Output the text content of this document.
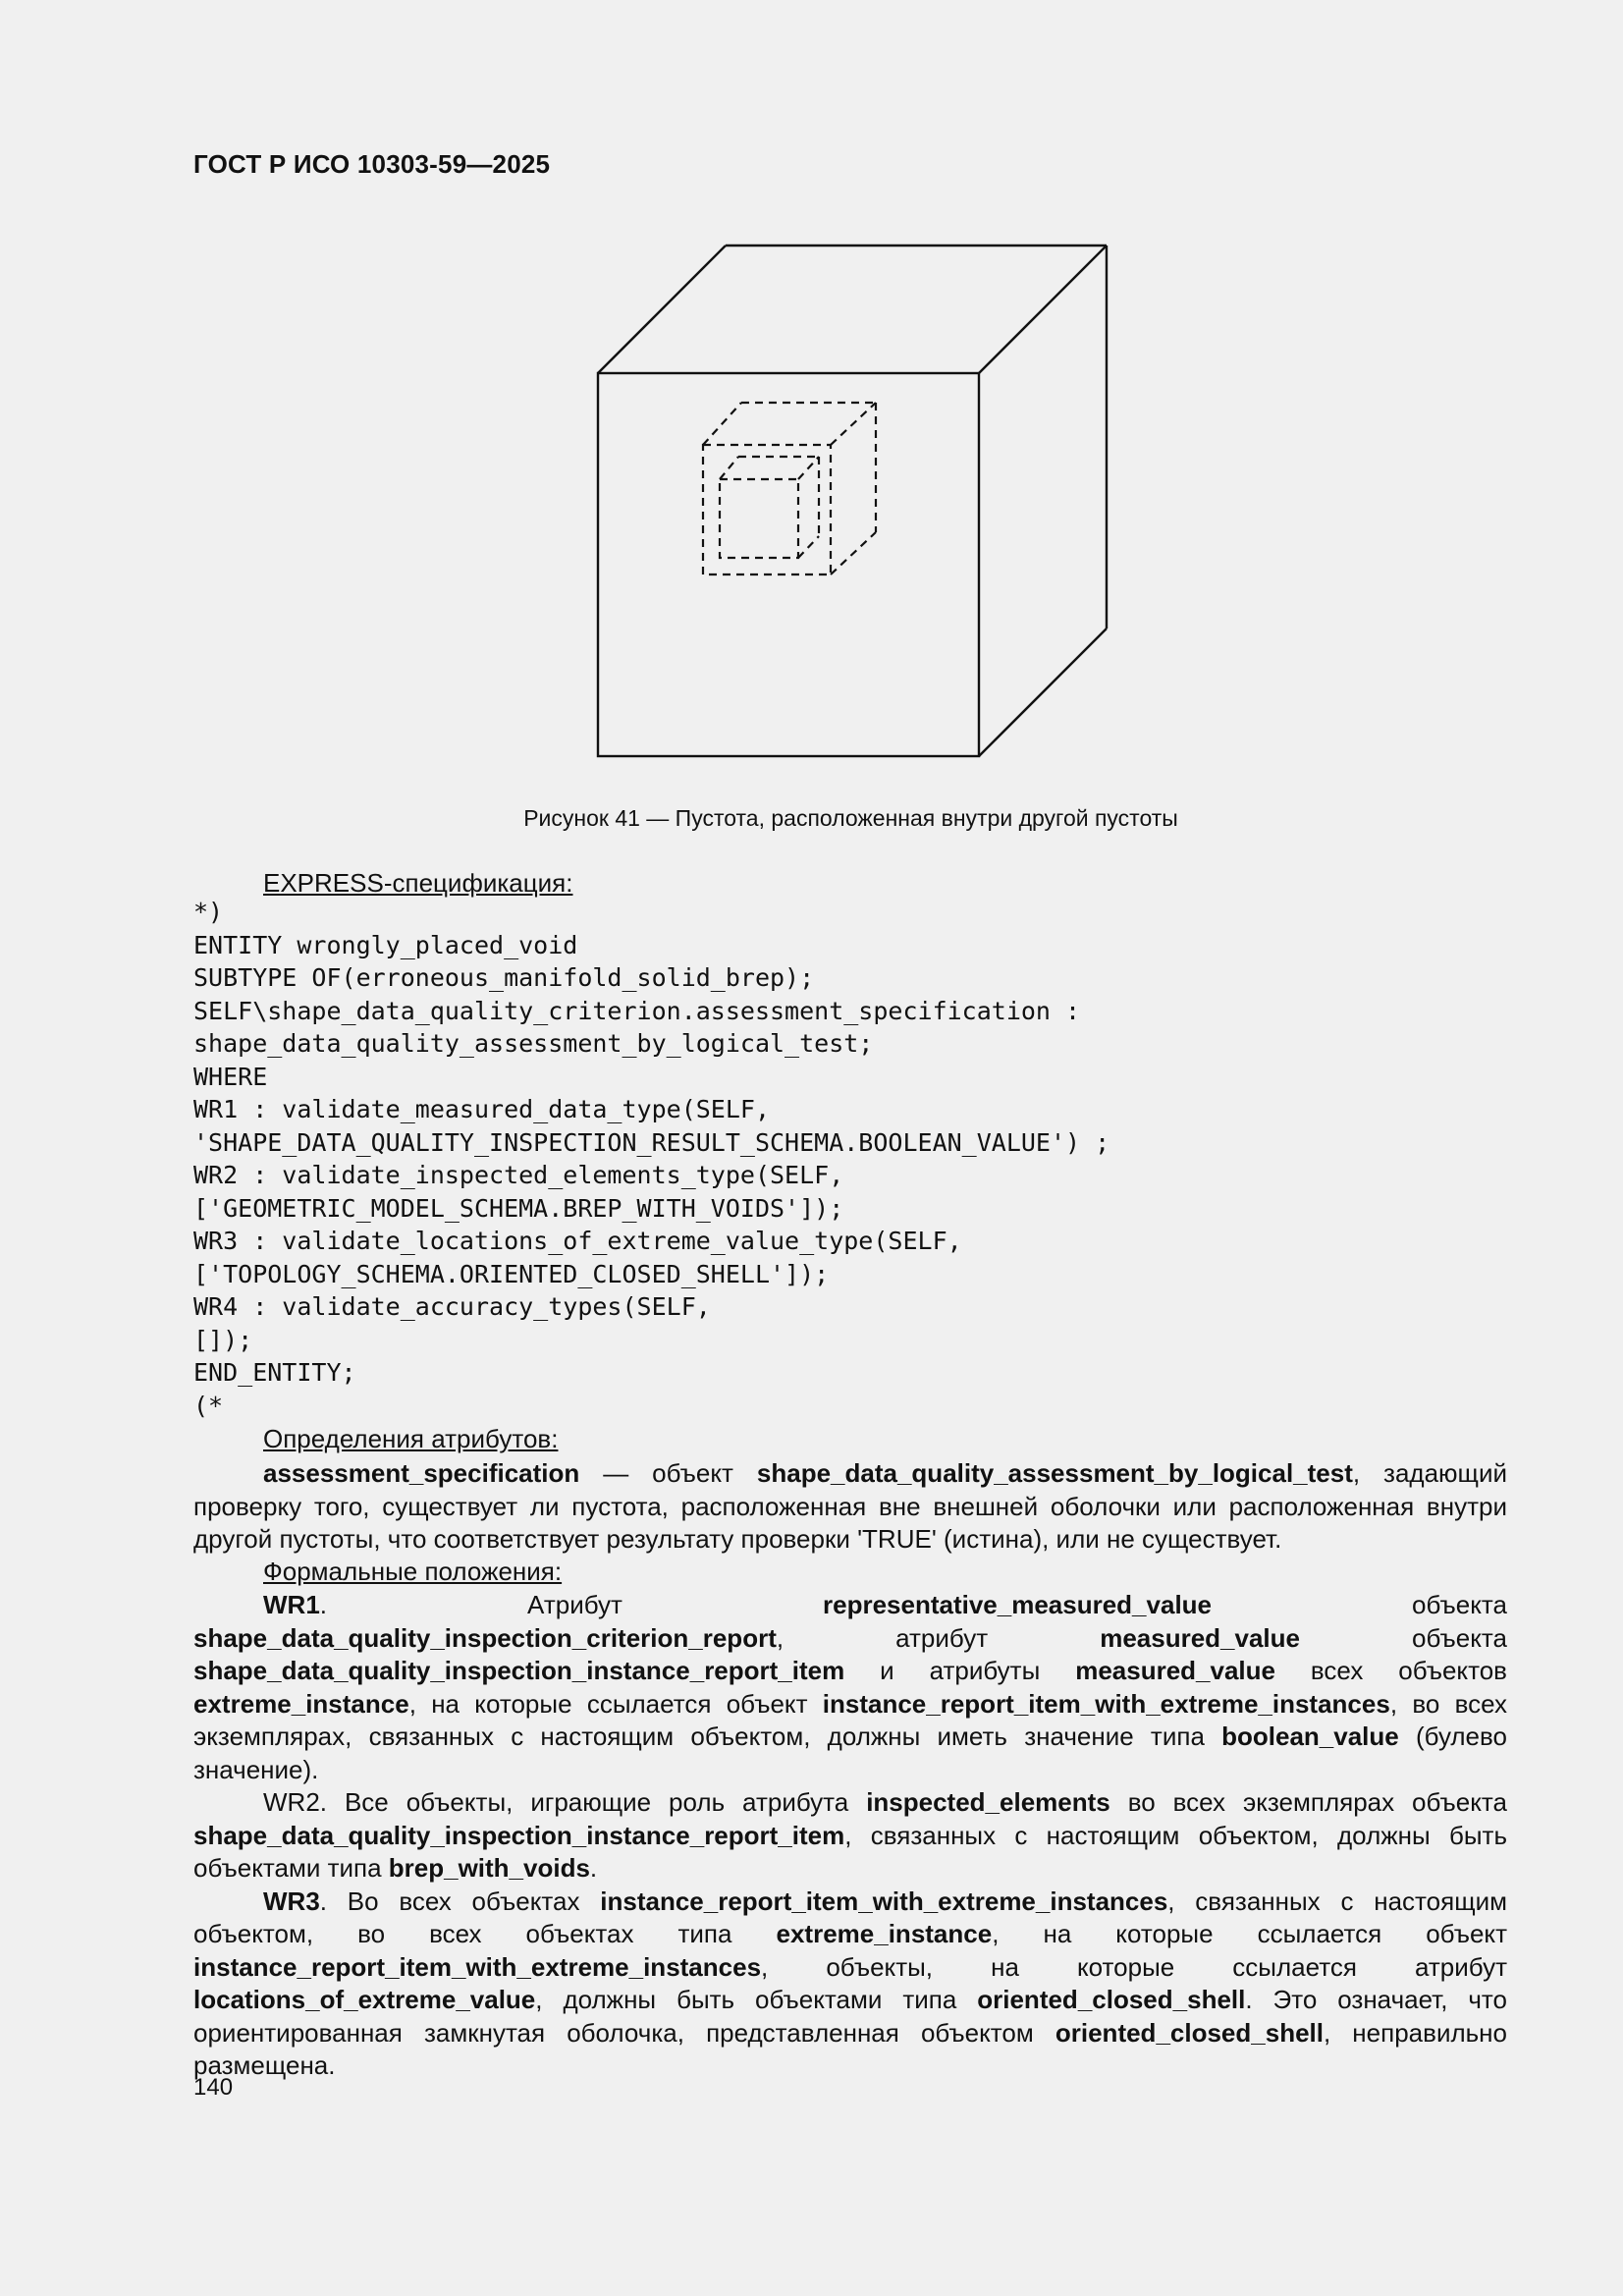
ГОСТ Р ИСО 10303-59—2025
Рисунок 41 — Пустота, расположенная внутри другой пустоты
EXPRESS-спецификация:
*)
ENTITY wrongly_placed_void
SUBTYPE OF(erroneous_manifold_solid_brep);
SELF\shape_data_quality_criterion.assessment_specification :
shape_data_quality_assessment_by_logical_test;
WHERE
WR1 : validate_measured_data_type(SELF,
'SHAPE_DATA_QUALITY_INSPECTION_RESULT_SCHEMA.BOOLEAN_VALUE') ;
WR2 : validate_inspected_elements_type(SELF,
['GEOMETRIC_MODEL_SCHEMA.BREP_WITH_VOIDS']);
WR3 : validate_locations_of_extreme_value_type(SELF,
['TOPOLOGY_SCHEMA.ORIENTED_CLOSED_SHELL']);
WR4 : validate_accuracy_types(SELF,
[]);
END_ENTITY;
(*
Определения атрибутов:

assessment_specification — объект shape_data_quality_assessment_by_logical_test, задающий проверку того, существует ли пустота, расположенная вне внешней оболочки или расположенная внутри другой пустоты, что соответствует результату проверки 'TRUE' (истина), или не существует.

Формальные положения:

WR1. Атрибут representative_measured_value объекта shape_data_quality_inspection_criterion_report, атрибут measured_value объекта shape_data_quality_inspection_instance_report_item и атрибуты measured_value всех объектов extreme_instance, на которые ссылается объект instance_report_item_with_extreme_instances, во всех экземплярах, связанных с настоящим объектом, должны иметь значение типа boolean_value (булево значение).

WR2. Все объекты, играющие роль атрибута inspected_elements во всех экземплярах объекта shape_data_quality_inspection_instance_report_item, связанных с настоящим объектом, должны быть объектами типа brep_with_voids.

WR3. Во всех объектах instance_report_item_with_extreme_instances, связанных с настоящим объектом, во всех объектах типа extreme_instance, на которые ссылается объект instance_report_item_with_extreme_instances, объекты, на которые ссылается атрибут locations_of_extreme_value, должны быть объектами типа oriented_closed_shell. Это означает, что ориентированная замкнутая оболочка, представленная объектом oriented_closed_shell, неправильно размещена.

140
